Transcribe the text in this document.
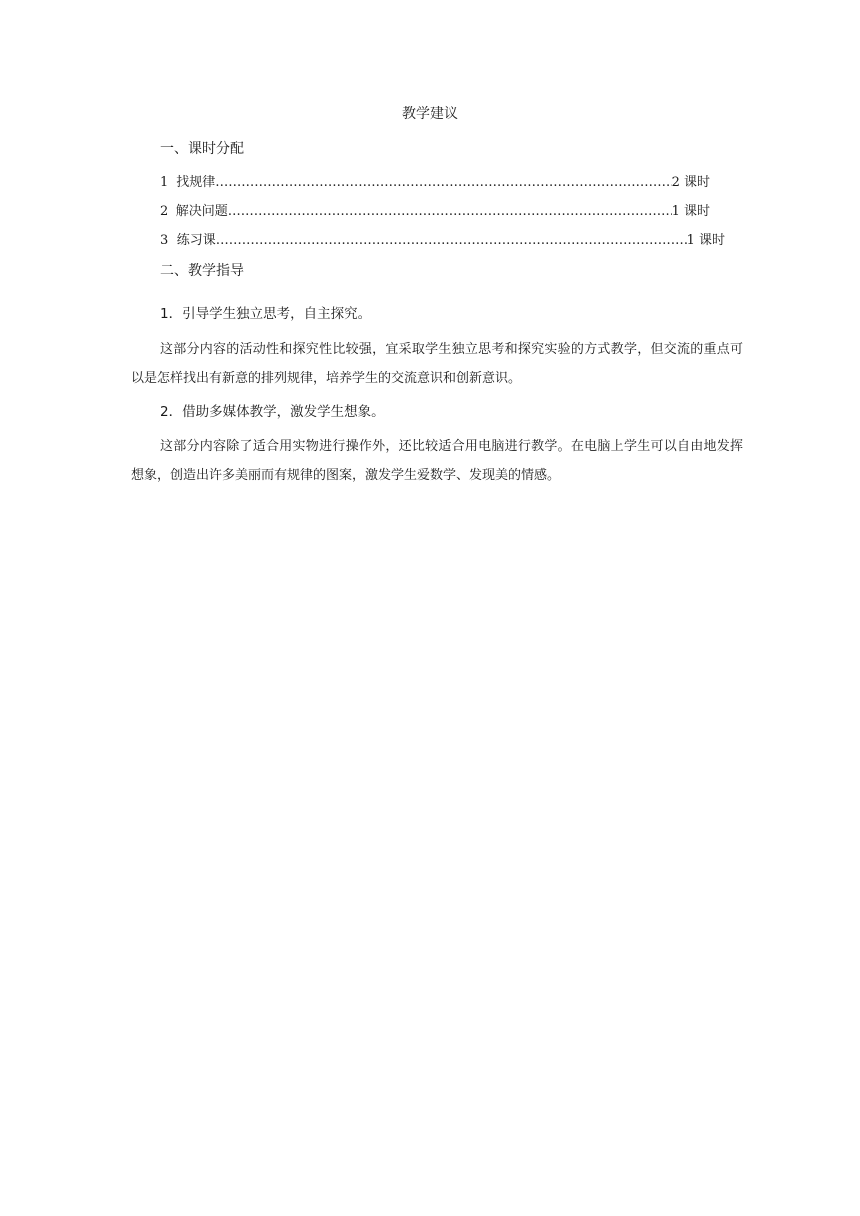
教学建议
一、课时分配
1 找规律 …………………………………………………………………………………………………………………………………………	2 课时
2 解决问题 …………………………………………………………………………………………………………………………………………	1 课时
3 练习课 …………………………………………………………………………………………………………………………………………	1 课时
二、教学指导
1．引导学生独立思考，自主探究。
这部分内容的活动性和探究性比较强，宜采取学生独立思考和探究实验的方式教学，但交流的重点可以是怎样找出有新意的排列规律，培养学生的交流意识和创新意识。
2．借助多媒体教学，激发学生想象。
这部分内容除了适合用实物进行操作外，还比较适合用电脑进行教学。在电脑上学生可以自由地发挥想象，创造出许多美丽而有规律的图案，激发学生爱数学、发现美的情感。
